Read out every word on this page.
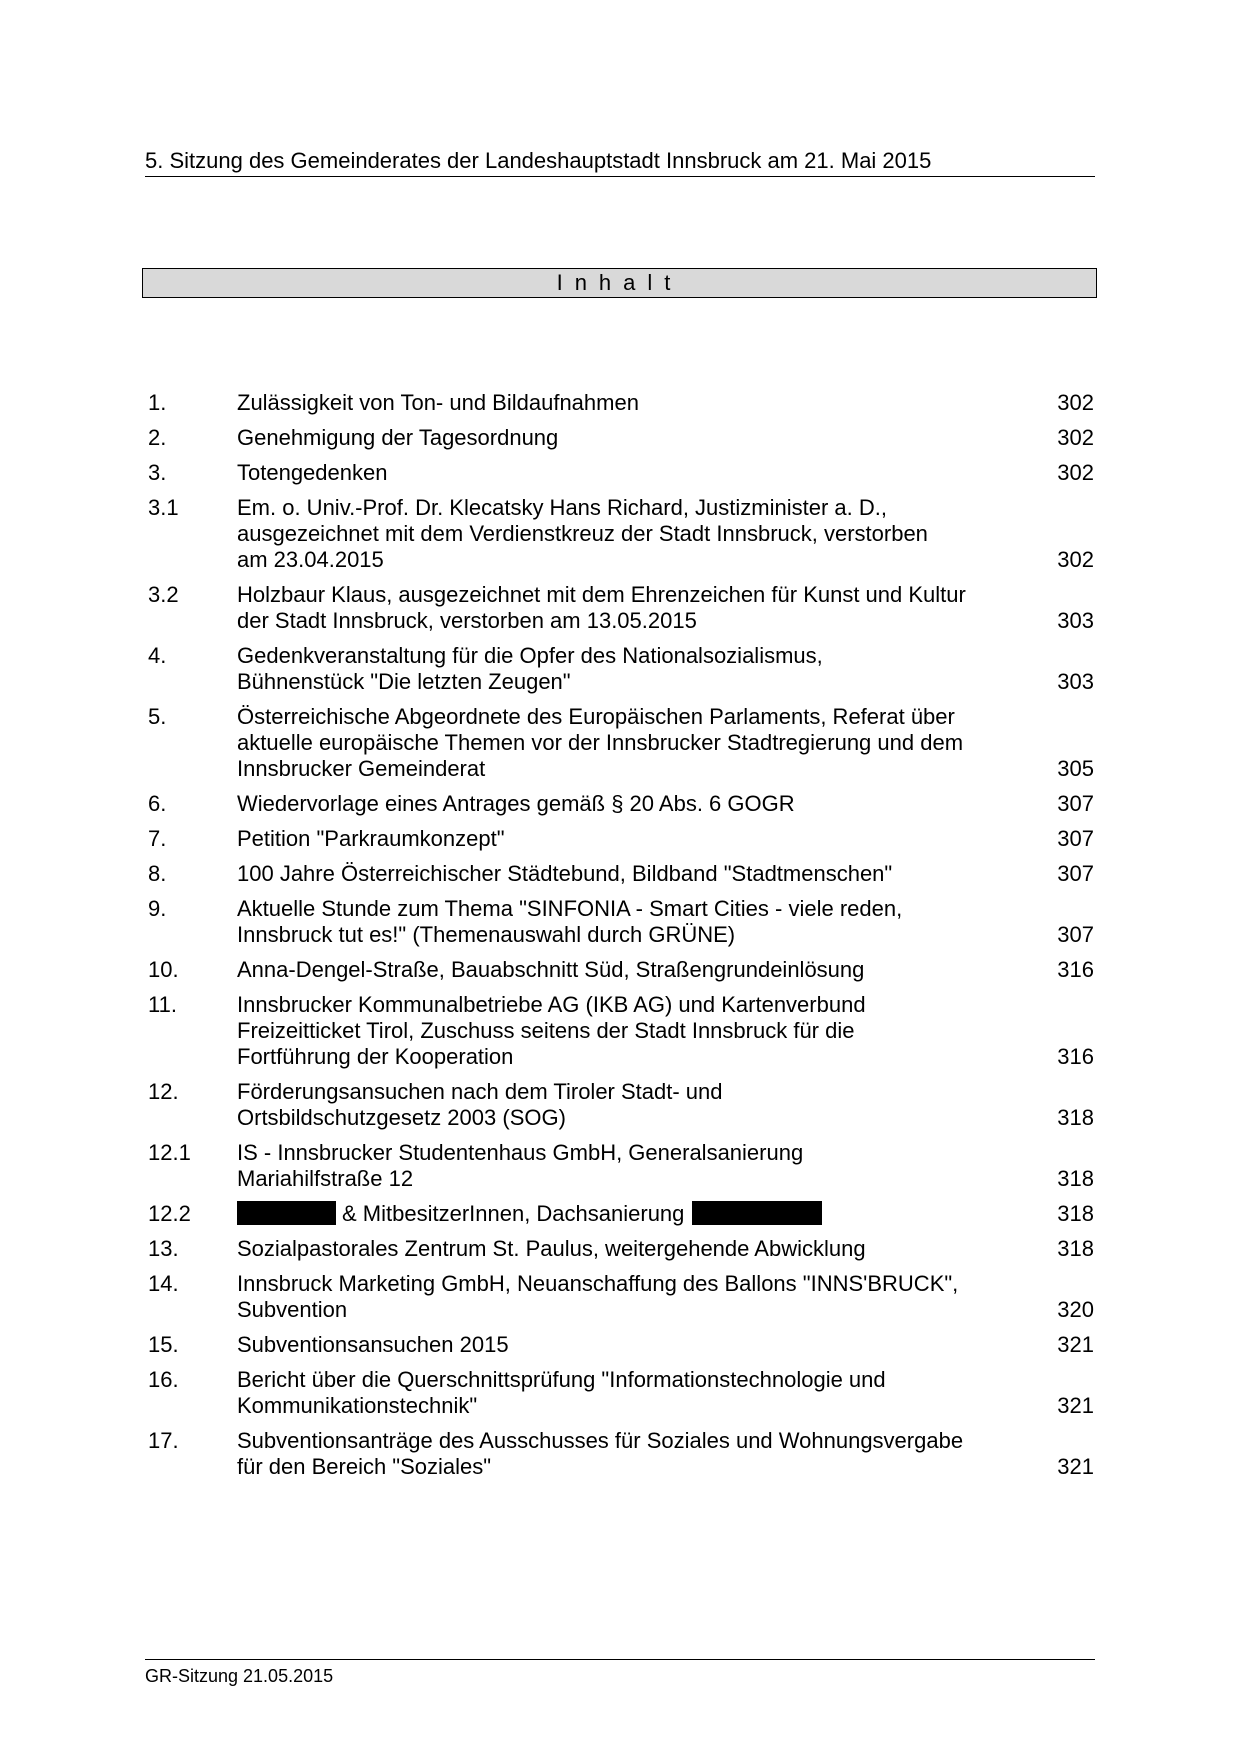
5. Sitzung des Gemeinderates der Landeshauptstadt Innsbruck am 21. Mai 2015
Inhalt
1.	Zulässigkeit von Ton- und Bildaufnahmen	302
2.	Genehmigung der Tagesordnung	302
3.	Totengedenken	302
3.1	Em. o. Univ.-Prof. Dr. Klecatsky Hans Richard, Justizminister a. D.,
ausgezeichnet mit dem Verdienstkreuz der Stadt Innsbruck, verstorben
am 23.04.2015	302
3.2	Holzbaur Klaus, ausgezeichnet mit dem Ehrenzeichen für Kunst und Kultur
der Stadt Innsbruck, verstorben am 13.05.2015	303
4.	Gedenkveranstaltung für die Opfer des Nationalsozialismus,
Bühnenstück "Die letzten Zeugen"	303
5.	Österreichische Abgeordnete des Europäischen Parlaments, Referat über
aktuelle europäische Themen vor der Innsbrucker Stadtregierung und dem
Innsbrucker Gemeinderat	305
6.	Wiedervorlage eines Antrages gemäß § 20 Abs. 6 GOGR	307
7.	Petition "Parkraumkonzept"	307
8.	100 Jahre Österreichischer Städtebund, Bildband "Stadtmenschen"	307
9.	Aktuelle Stunde zum Thema "SINFONIA - Smart Cities - viele reden,
Innsbruck tut es!" (Themenauswahl durch GRÜNE)	307
10.	Anna-Dengel-Straße, Bauabschnitt Süd, Straßengrundeinlösung	316
11.	Innsbrucker Kommunalbetriebe AG (IKB AG) und Kartenverbund
Freizeitticket Tirol, Zuschuss seitens der Stadt Innsbruck für die
Fortführung der Kooperation	316
12.	Förderungsansuchen nach dem Tiroler Stadt- und
Ortsbildschutzgesetz 2003 (SOG)	318
12.1	IS - Innsbrucker Studentenhaus GmbH, Generalsanierung
Mariahilfstraße 12	318
12.2	& MitbesitzerInnen, Dachsanierung	318
13.	Sozialpastorales Zentrum St. Paulus, weitergehende Abwicklung	318
14.	Innsbruck Marketing GmbH, Neuanschaffung des Ballons "INNS'BRUCK",
Subvention	320
15.	Subventionsansuchen 2015	321
16.	Bericht über die Querschnittsprüfung "Informationstechnologie und
Kommunikationstechnik"	321
17.	Subventionsanträge des Ausschusses für Soziales und Wohnungsvergabe
für den Bereich "Soziales"	321
GR-Sitzung 21.05.2015
